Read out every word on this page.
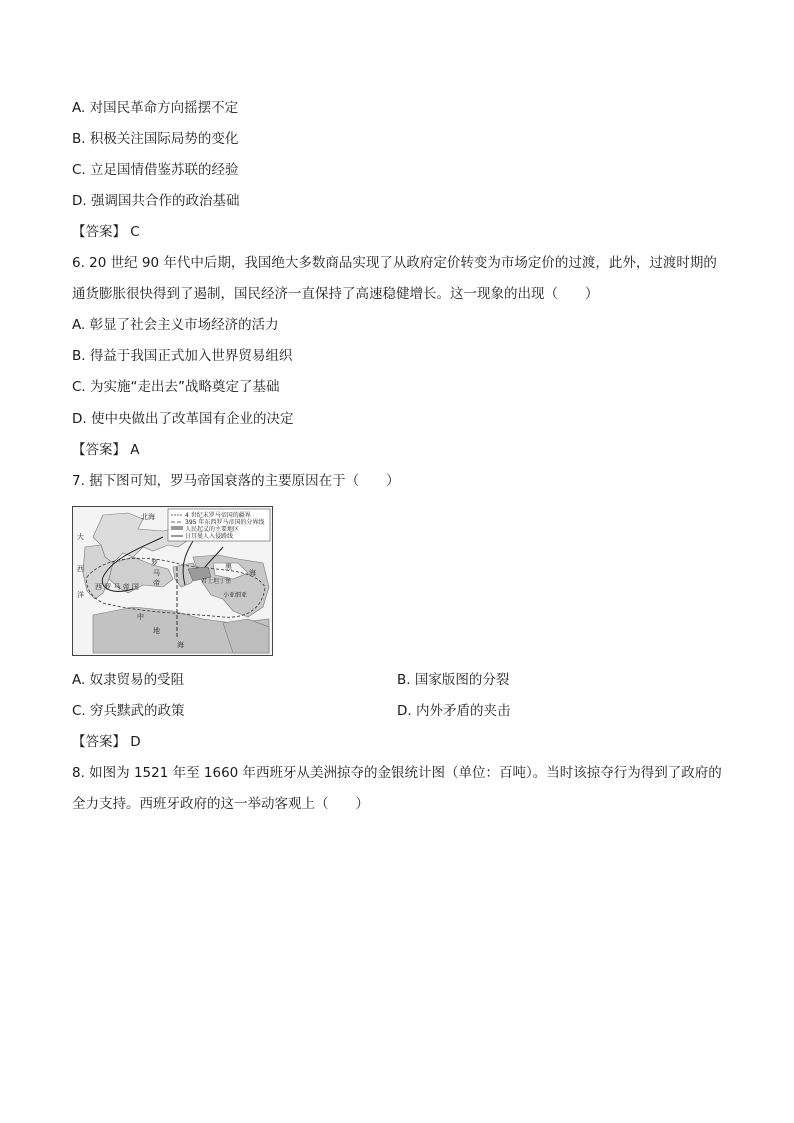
A. 对国民革命方向摇摆不定
B. 积极关注国际局势的变化
C. 立足国情借鉴苏联的经验
D. 强调国共合作的政治基础
【答案】 C
6. 20 世纪 90 年代中后期，我国绝大多数商品实现了从政府定价转变为市场定价的过渡，此外，过渡时期的
通货膨胀很快得到了遏制，国民经济一直保持了高速稳健增长。这一现象的出现（　　）
A. 彰显了社会主义市场经济的活力
B. 得益于我国正式加入世界贸易组织
C. 为实施“走出去”战略奠定了基础
D. 使中央做出了改革国有企业的决定
【答案】 A
7. 据下图可知，罗马帝国衰落的主要原因在于（　　）
4 世纪末罗马帝国的疆界
395 年东西罗马帝国的分界线
人民起义的主要地区
日耳曼人入侵路线
北海
大
西
洋
罗
马
西 罗 马 帝 国 帝
中
黑
海
君士坦丁堡
小亚细亚
海
地
A. 奴隶贸易的受阻	B. 国家版图的分裂
C. 穷兵黩武的政策	D. 内外矛盾的夹击
【答案】 D
8. 如图为 1521 年至 1660 年西班牙从美洲掠夺的金银统计图（单位：百吨）。当时该掠夺行为得到了政府的
全力支持。西班牙政府的这一举动客观上（　　）
